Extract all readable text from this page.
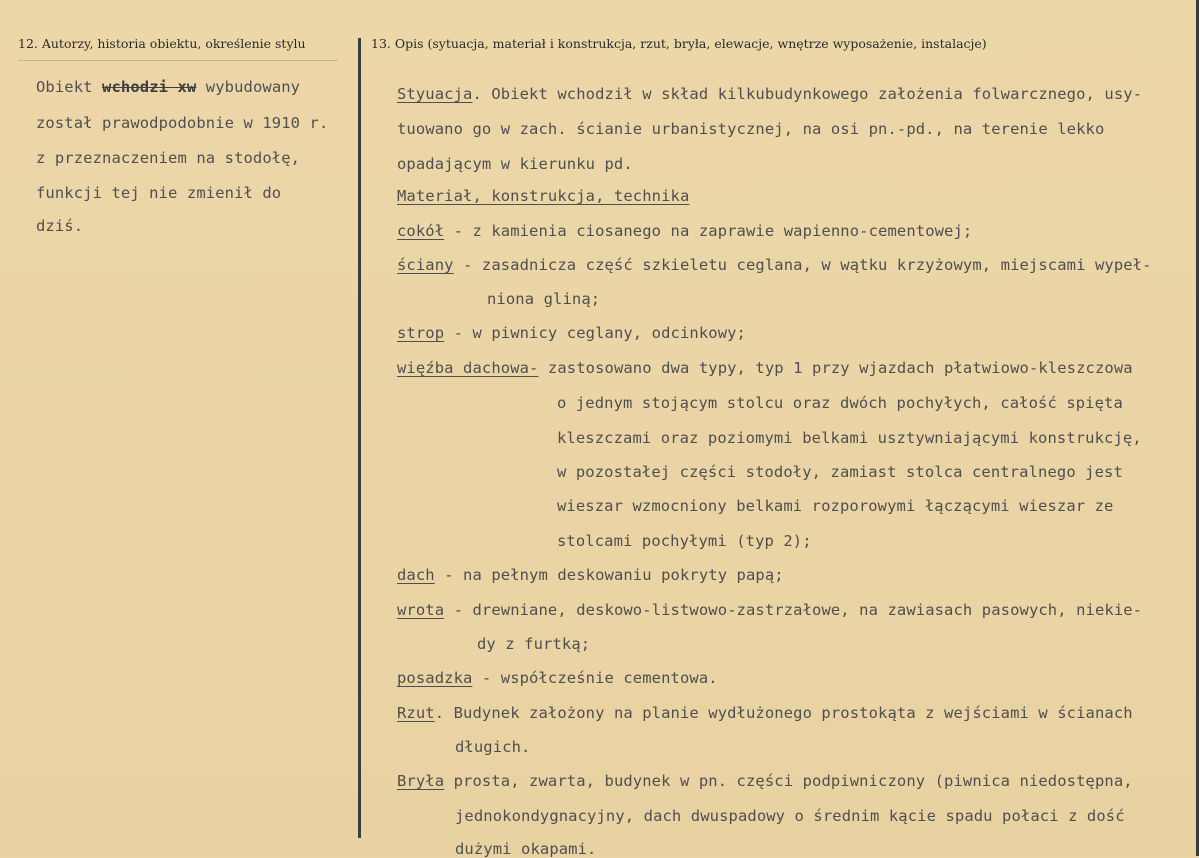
12. Autorzy, historia obiektu, określenie stylu	13. Opis (sytuacja, materiał i konstrukcja, rzut, bryła, elewacje, wnętrze wyposażenie, instalacje)
Obiekt wchodzi xw wybudowany
został prawodpodobnie w 1910 r.
z przeznaczeniem na stodołę,
funkcji tej nie zmienił do
dziś.
Styuacja. Obiekt wchodził w skład kilkubudynkowego założenia folwarcznego, usy-
tuowano go w zach. ścianie urbanistycznej, na osi pn.-pd., na terenie lekko
opadającym w kierunku pd.
Materiał, konstrukcja, technika
cokół - z kamienia ciosanego na zaprawie wapienno-cementowej;
ściany - zasadnicza część szkieletu ceglana, w wątku krzyżowym, miejscami wypeł-
niona gliną;
strop - w piwnicy ceglany, odcinkowy;
więźba dachowa- zastosowano dwa typy, typ 1 przy wjazdach płatwiowo-kleszczowa
o jednym stojącym stolcu oraz dwóch pochyłych, całość spięta
kleszczami oraz poziomymi belkami usztywniającymi konstrukcję,
w pozostałej części stodoły, zamiast stolca centralnego jest
wieszar wzmocniony belkami rozporowymi łączącymi wieszar ze
stolcami pochyłymi (typ 2);
dach - na pełnym deskowaniu pokryty papą;
wrota - drewniane, deskowo-listwowo-zastrzałowe, na zawiasach pasowych, niekie-
dy z furtką;
posadzka - współcześnie cementowa.
Rzut. Budynek założony na planie wydłużonego prostokąta z wejściami w ścianach
długich.
Bryła prosta, zwarta, budynek w pn. części podpiwniczony (piwnica niedostępna,
jednokondygnacyjny, dach dwuspadowy o średnim kącie spadu połaci z dość
dużymi okapami.
